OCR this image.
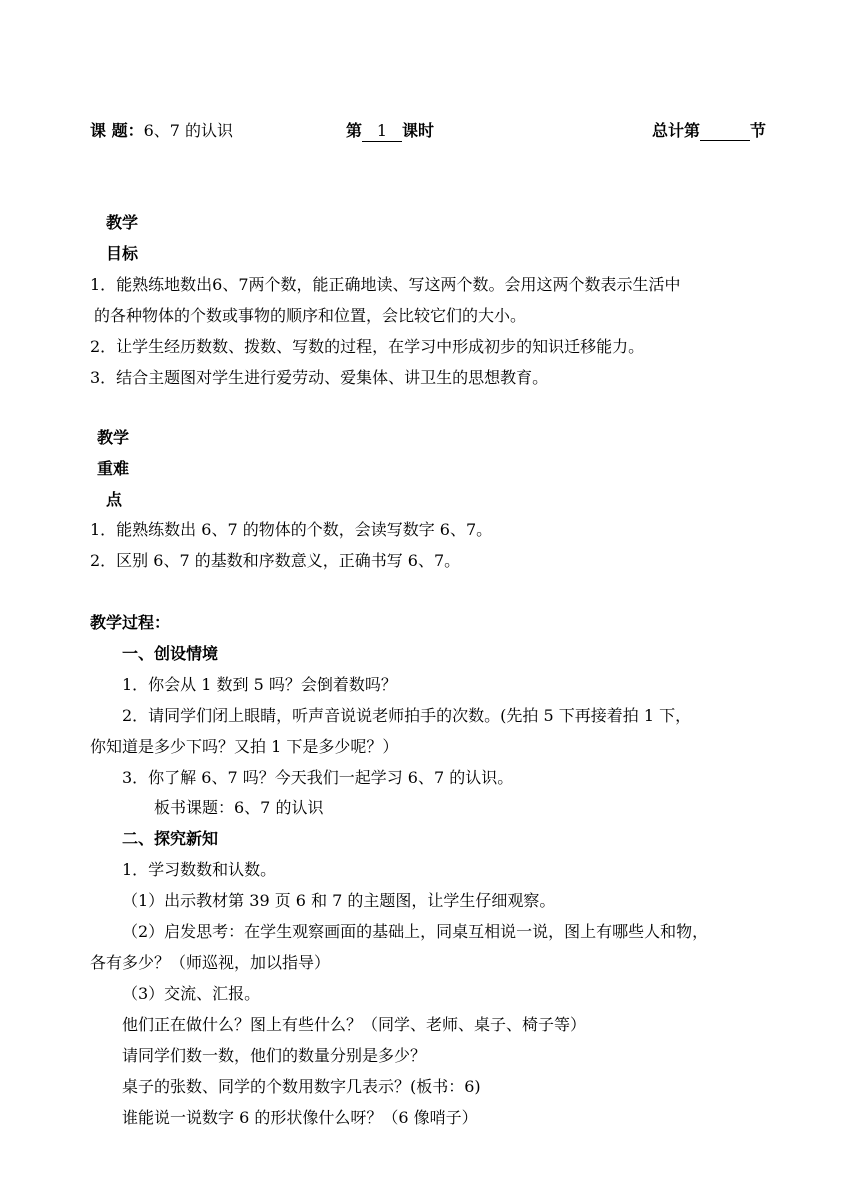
课 题：6、7 的认识	第 1 课时	总计第	节
教学
目标
1．能熟练地数出6、7两个数，能正确地读、写这两个数。会用这两个数表示生活中
的各种物体的个数或事物的顺序和位置，会比较它们的大小。
2．让学生经历数数、拨数、写数的过程，在学习中形成初步的知识迁移能力。
3．结合主题图对学生进行爱劳动、爱集体、讲卫生的思想教育。
教学
重难
点
1．能熟练数出 6、7 的物体的个数，会读写数字 6、7。
2．区别 6、7 的基数和序数意义，正确书写 6、7。
教学过程：
一、创设情境
1．你会从 1 数到 5 吗？会倒着数吗？
2．请同学们闭上眼睛，听声音说说老师拍手的次数。(先拍 5 下再接着拍 1 下，
你知道是多少下吗？又拍 1 下是多少呢？）
3．你了解 6、7 吗？今天我们一起学习 6、7 的认识。
板书课题：6、7 的认识
二、探究新知
1．学习数数和认数。
（1）出示教材第 39 页 6 和 7 的主题图，让学生仔细观察。
（2）启发思考：在学生观察画面的基础上，同桌互相说一说，图上有哪些人和物，
各有多少？（师巡视，加以指导）
（3）交流、汇报。
他们正在做什么？图上有些什么？（同学、老师、桌子、椅子等）
请同学们数一数，他们的数量分别是多少？
桌子的张数、同学的个数用数字几表示？(板书：6)
谁能说一说数字 6 的形状像什么呀？（6 像哨子）
